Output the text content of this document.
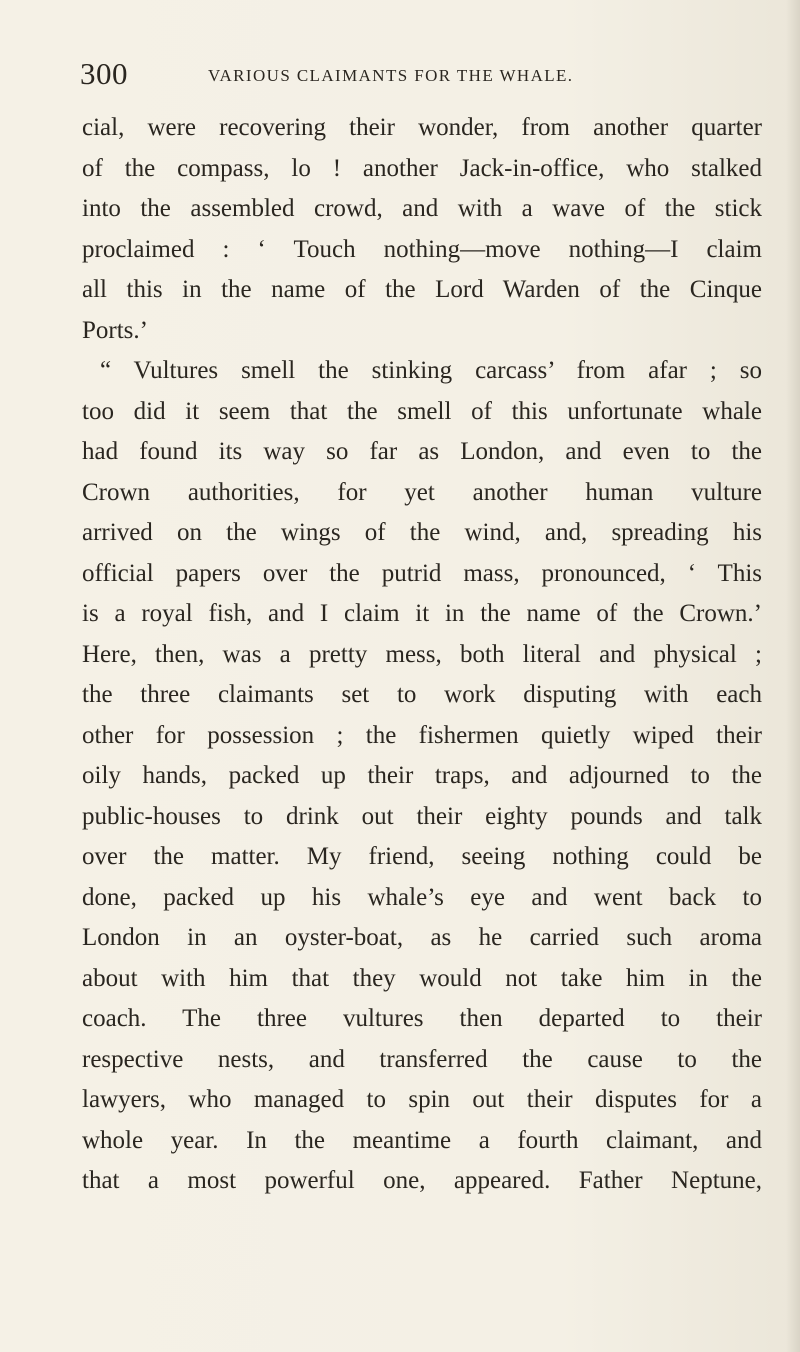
300	VARIOUS CLAIMANTS FOR THE WHALE.
cial, were recovering their wonder, from another quarter
of the compass, lo ! another Jack-in-office, who stalked
into the assembled crowd, and with a wave of the stick
proclaimed : ‘ Touch nothing—move nothing—I claim
all this in the name of the Lord Warden of the Cinque
Ports.’
“ Vultures smell the stinking carcass’ from afar ; so
too did it seem that the smell of this unfortunate whale
had found its way so far as London, and even to the
Crown authorities, for yet another human vulture
arrived on the wings of the wind, and, spreading his
official papers over the putrid mass, pronounced, ‘ This
is a royal fish, and I claim it in the name of the Crown.’
Here, then, was a pretty mess, both literal and physical ;
the three claimants set to work disputing with each
other for possession ; the fishermen quietly wiped their
oily hands, packed up their traps, and adjourned to the
public-houses to drink out their eighty pounds and talk
over the matter. My friend, seeing nothing could be
done, packed up his whale’s eye and went back to
London in an oyster-boat, as he carried such aroma
about with him that they would not take him in the
coach. The three vultures then departed to their
respective nests, and transferred the cause to the
lawyers, who managed to spin out their disputes for a
whole year. In the meantime a fourth claimant, and
that a most powerful one, appeared. Father Neptune,
